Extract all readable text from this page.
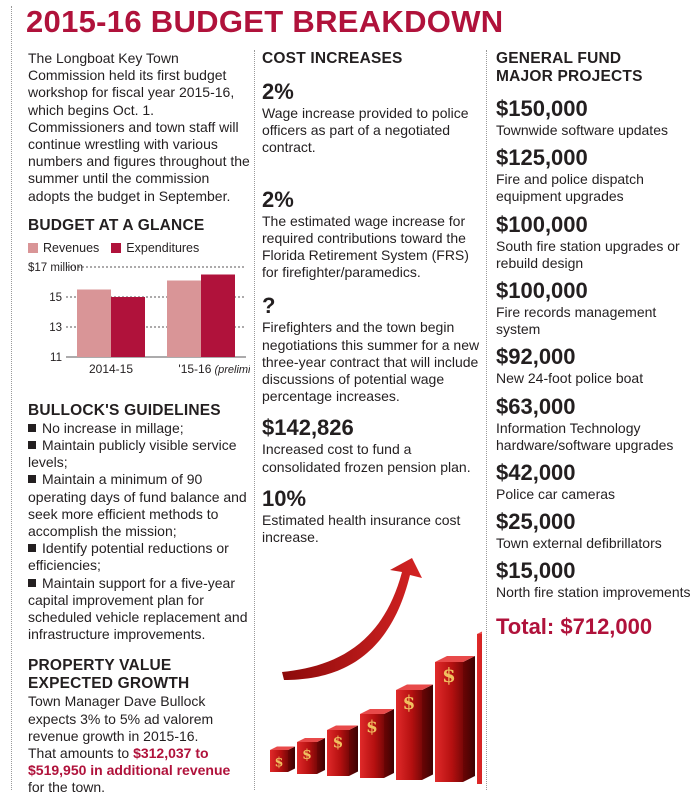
2015-16 BUDGET BREAKDOWN

The Longboat Key Town Commission held its first budget workshop for fiscal year 2015-16, which begins Oct. 1. Commissioners and town staff will continue wrestling with various numbers and figures throughout the summer until the commission adopts the budget in September.

BUDGET AT A GLANCE
Revenues	Expenditures
11
13
15
$17 million
2014-15	'15-16 (prelim
BULLOCK'S GUIDELINES

No increase in millage;

Maintain publicly visible service levels;

Maintain a minimum of 90 operating days of fund balance and seek more efficient methods to accomplish the mission;

Identify potential reductions or efficiencies;

Maintain support for a five-year capital improvement plan for scheduled vehicle replacement and infrastructure improvements.

PROPERTY VALUE
EXPECTED GROWTH

Town Manager Dave Bullock expects 3% to 5% ad valorem revenue growth in 2015-16.

That amounts to $312,037 to $519,950 in additional revenue for the town.

COST INCREASES
2%

Wage increase provided to police officers as part of a negotiated contract.

2%

The estimated wage increase for required contributions toward the Florida Retirement System (FRS) for firefighter/paramedics.

?

Firefighters and the town begin negotiations this summer for a new three-year contract that will include discussions of potential wage percentage increases.

$142,826

Increased cost to fund a consolidated frozen pension plan.

10%

Estimated health insurance cost increase.

$ $
$
$
$
$
GENERAL FUND
MAJOR PROJECTS
$150,000
Townwide software updates
$125,000
Fire and police dispatch equipment upgrades
$100,000
South fire station upgrades or rebuild design
$100,000
Fire records management system
$92,000
New 24-foot police boat
$63,000
Information Technology hardware/software upgrades
$42,000
Police car cameras
$25,000
Town external defibrillators
$15,000
North fire station improvements
Total: $712,000
